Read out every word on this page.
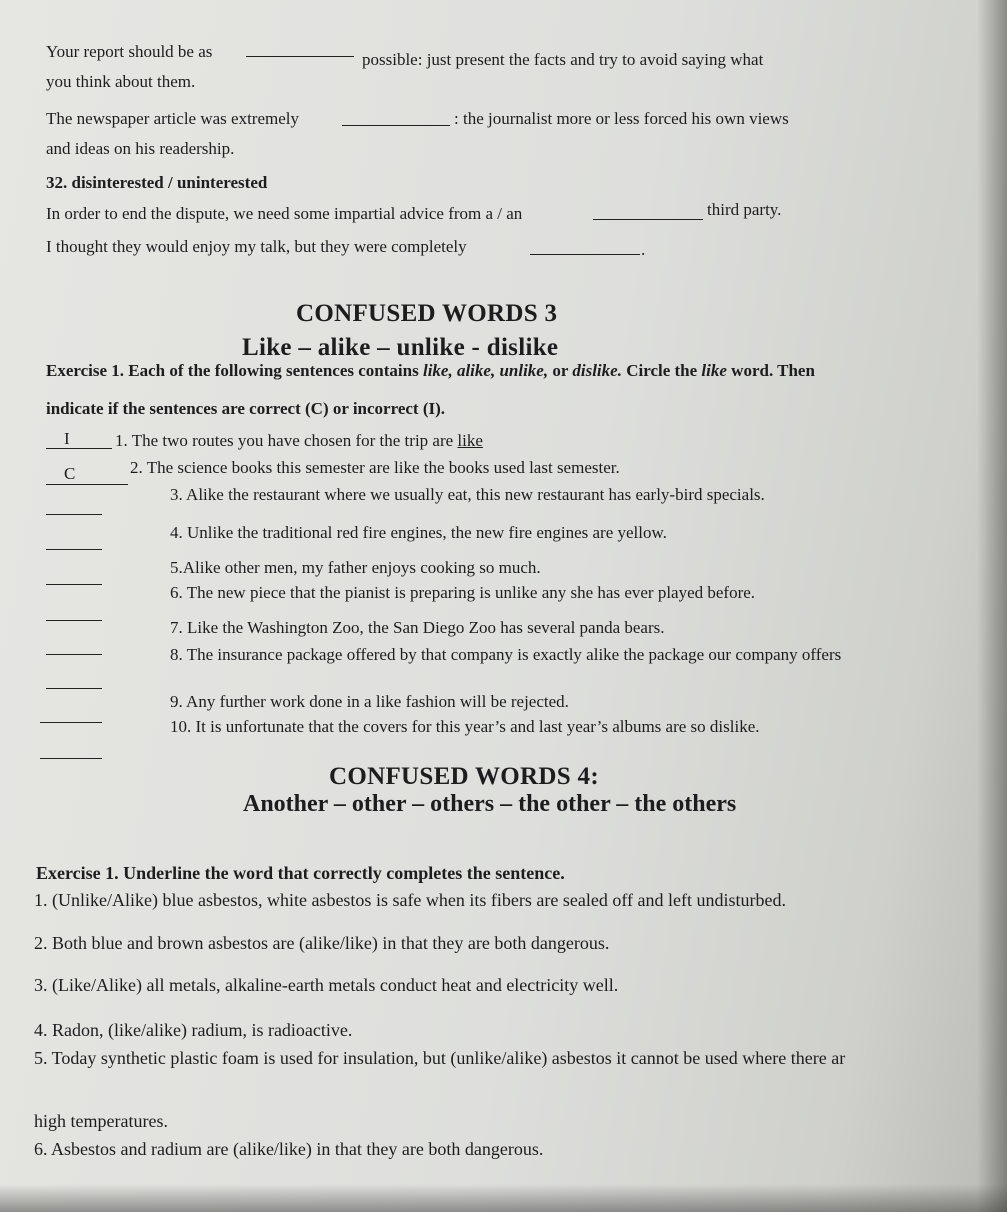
Your report should be as	possible: just present the facts and try to avoid saying what
you think about them.
The newspaper article was extremely	: the journalist more or less forced his own views
and ideas on his readership.
32. disinterested / uninterested
In order to end the dispute, we need some impartial advice from a / an	third party.
I thought they would enjoy my talk, but they were completely	.
CONFUSED WORDS 3
Like – alike – unlike - dislike
Exercise 1. Each of the following sentences contains like, alike, unlike, or dislike. Circle the like word. Then
indicate if the sentences are correct (C) or incorrect (I).
I	1. The two routes you have chosen for the trip are like
C	2. The science books this semester are like the books used last semester.
3. Alike the restaurant where we usually eat, this new restaurant has early-bird specials.
4. Unlike the traditional red fire engines, the new fire engines are yellow.
5.Alike other men, my father enjoys cooking so much.
6. The new piece that the pianist is preparing is unlike any she has ever played before.
7. Like the Washington Zoo, the San Diego Zoo has several panda bears.
8. The insurance package offered by that company is exactly alike the package our company offers
9. Any further work done in a like fashion will be rejected.
10. It is unfortunate that the covers for this year’s and last year’s albums are so dislike.
CONFUSED WORDS 4:
Another – other – others – the other – the others
Exercise 1. Underline the word that correctly completes the sentence.
1. (Unlike/Alike) blue asbestos, white asbestos is safe when its fibers are sealed off and left undisturbed.
2. Both blue and brown asbestos are (alike/like) in that they are both dangerous.
3. (Like/Alike) all metals, alkaline-earth metals conduct heat and electricity well.
4. Radon, (like/alike) radium, is radioactive.
5. Today synthetic plastic foam is used for insulation, but (unlike/alike) asbestos it cannot be used where there ar
high temperatures.
6. Asbestos and radium are (alike/like) in that they are both dangerous.
